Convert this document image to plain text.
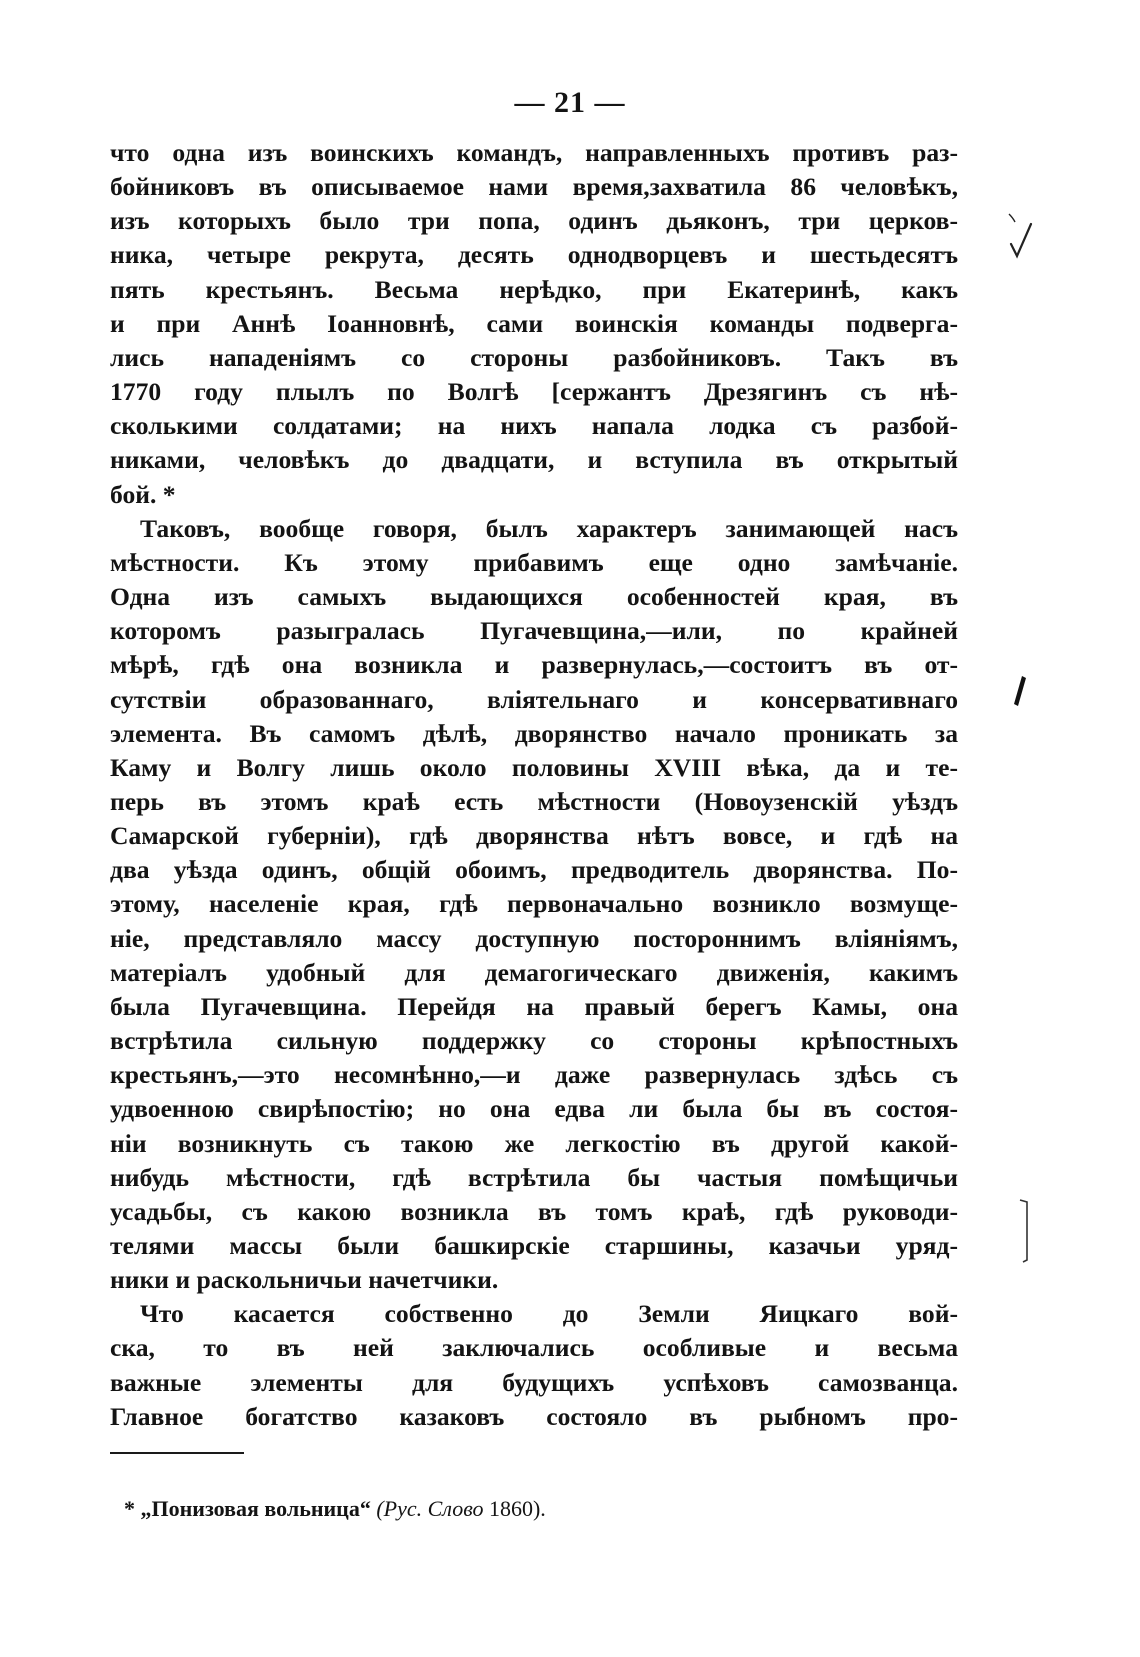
— 21 —

что одна изъ воинскихъ командъ, направленныхъ противъ раз-
бойниковъ въ описываемое нами время,захватила 86 человѣкъ,
изъ которыхъ было три попа, одинъ дьяконъ, три церков-
ника, четыре рекрута, десять однодворцевъ и шестьдесятъ
пять крестьянъ. Весьма нерѣдко, при Екатеринѣ, какъ
и при Аннѣ Іоанновнѣ, сами воинскія команды подверга-
лись нападеніямъ со стороны разбойниковъ. Такъ въ
1770 году плылъ по Волгѣ [сержантъ Дрезягинъ съ нѣ-
сколькими солдатами; на нихъ напала лодка съ разбой-
никами, человѣкъ до двадцати, и вступила въ открытый
бой. *

Таковъ, вообще говоря, былъ характеръ занимающей насъ
мѣстности. Къ этому прибавимъ еще одно замѣчаніе.
Одна изъ самыхъ выдающихся особенностей края, въ
которомъ разыгралась Пугачевщина,—или, по крайней
мѣрѣ, гдѣ она возникла и развернулась,—состоитъ въ от-
сутствіи образованнаго, вліятельнаго и консервативнаго
элемента. Въ самомъ дѣлѣ, дворянство начало проникать за
Каму и Волгу лишь около половины XVIII вѣка, да и те-
перь въ этомъ краѣ есть мѣстности (Новоузенскій уѣздъ
Самарской губерніи), гдѣ дворянства нѣтъ вовсе, и гдѣ на
два уѣзда одинъ, общій обоимъ, предводитель дворянства. По-
этому, населеніе края, гдѣ первоначально возникло возмуще-
ніе, представляло массу доступную постороннимъ вліяніямъ,
матеріалъ удобный для демагогическаго движенія, какимъ
была Пугачевщина. Перейдя на правый берегъ Камы, она
встрѣтила сильную поддержку со стороны крѣпостныхъ
крестьянъ,—это несомнѣнно,—и даже развернулась здѣсь съ
удвоенною свирѣпостію; но она едва ли была бы въ состоя-
ніи возникнуть съ такою же легкостію въ другой какой-
нибудь мѣстности, гдѣ встрѣтила бы частыя помѣщичьи
усадьбы, съ какою возникла въ томъ краѣ, гдѣ руководи-
телями массы были башкирскіе старшины, казачьи уряд-
ники и раскольничьи начетчики.

Что касается собственно до Земли Яицкаго вой-
ска, то въ ней заключались особливые и весьма
важные элементы для будущихъ успѣховъ самозванца.
Главное богатство казаковъ состояло въ рыбномъ про-

* „Понизовая вольница“ (Рус. Слово 1860).
